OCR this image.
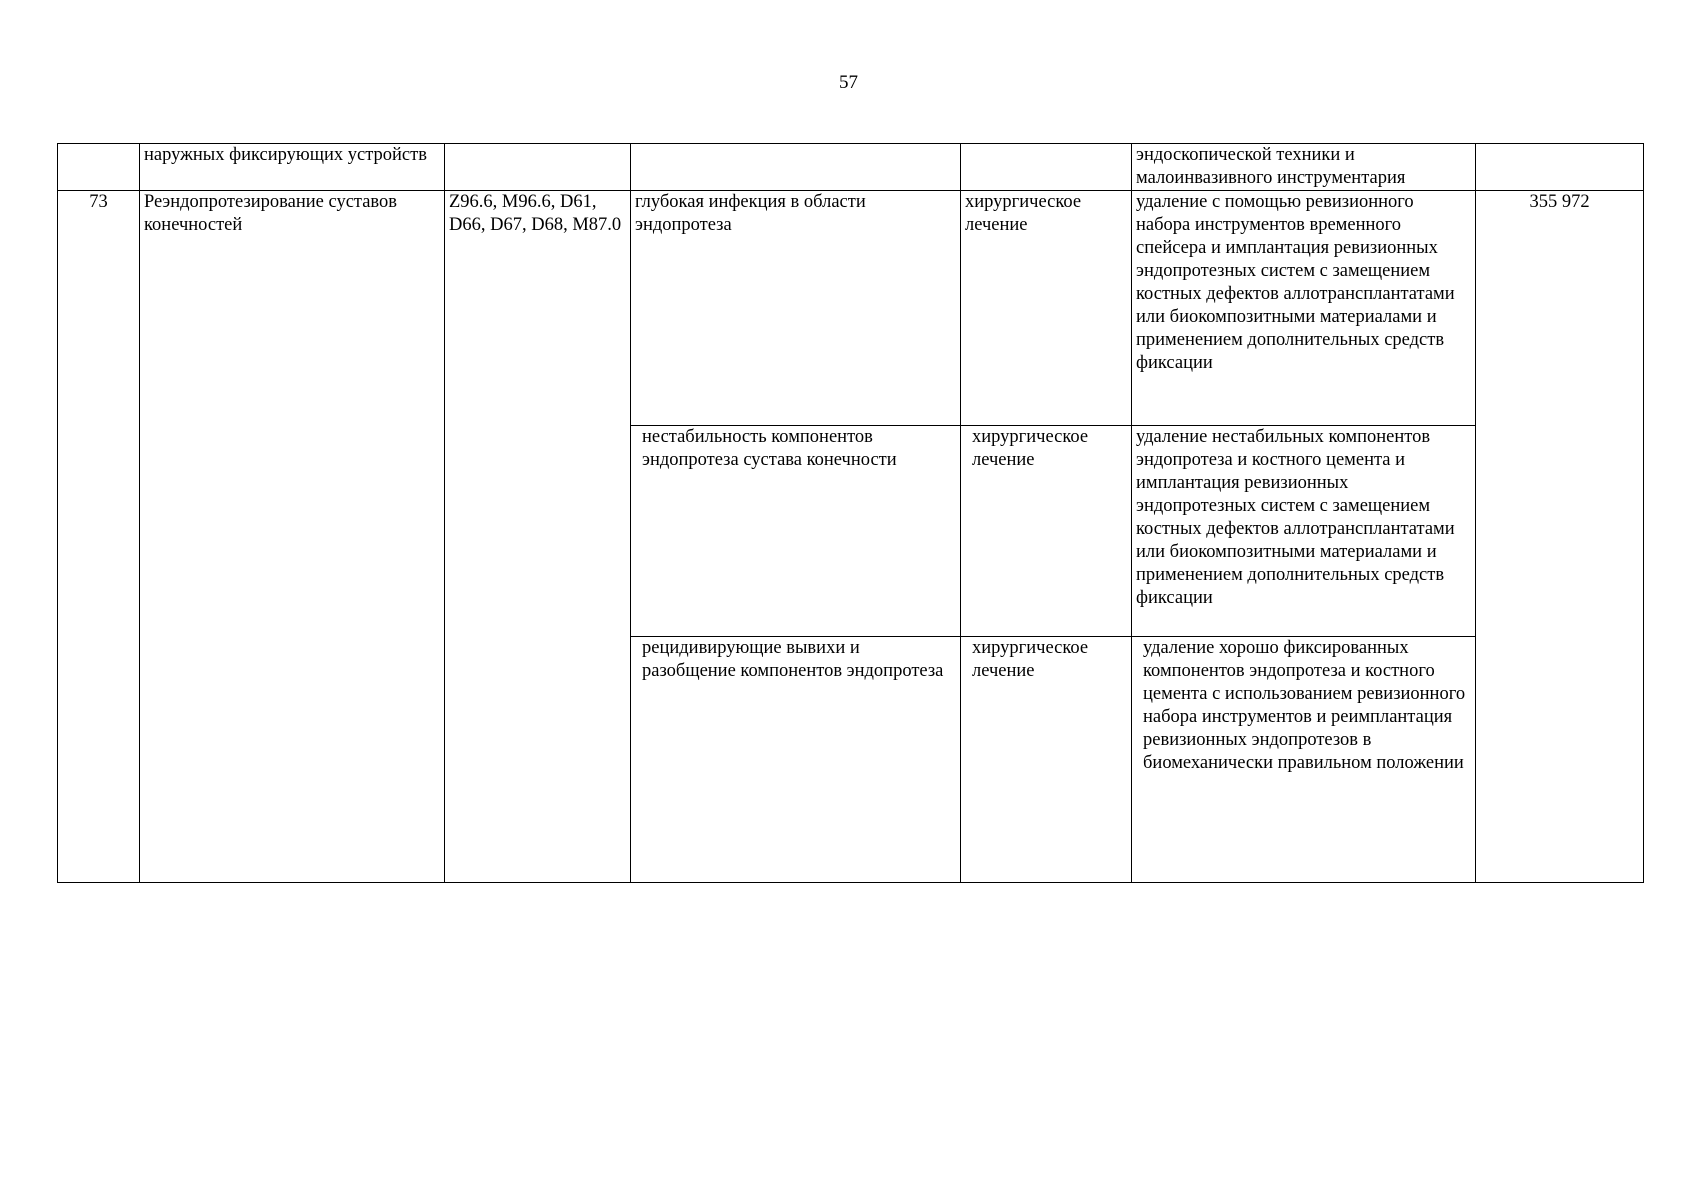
57
	наружных фиксирующих устройств				эндоскопической техники и малоинвазивного инструментария	
73	Реэндопротезирование суставов конечностей	Z96.6, M96.6, D61, D66, D67, D68, M87.0	глубокая инфекция в области эндопротеза	хирургическое лечение	удаление с помощью ревизионного набора инструментов временного спейсера и имплантация ревизионных эндопротезных систем с замещением костных дефектов аллотрансплантатами или биокомпозитными материалами и применением дополнительных средств фиксации	355 972
			нестабильность компонентов эндопротеза сустава конечности	хирургическое лечение	удаление нестабильных компонентов эндопротеза и костного цемента и имплантация ревизионных эндопротезных систем с замещением костных дефектов аллотрансплантатами или биокомпозитными материалами и применением дополнительных средств фиксации	
			рецидивирующие вывихи и разобщение компонентов эндопротеза	хирургическое лечение	удаление хорошо фиксированных компонентов эндопротеза и костного цемента с использованием ревизионного набора инструментов и реимплантация ревизионных эндопротезов в биомеханически правильном положении	
